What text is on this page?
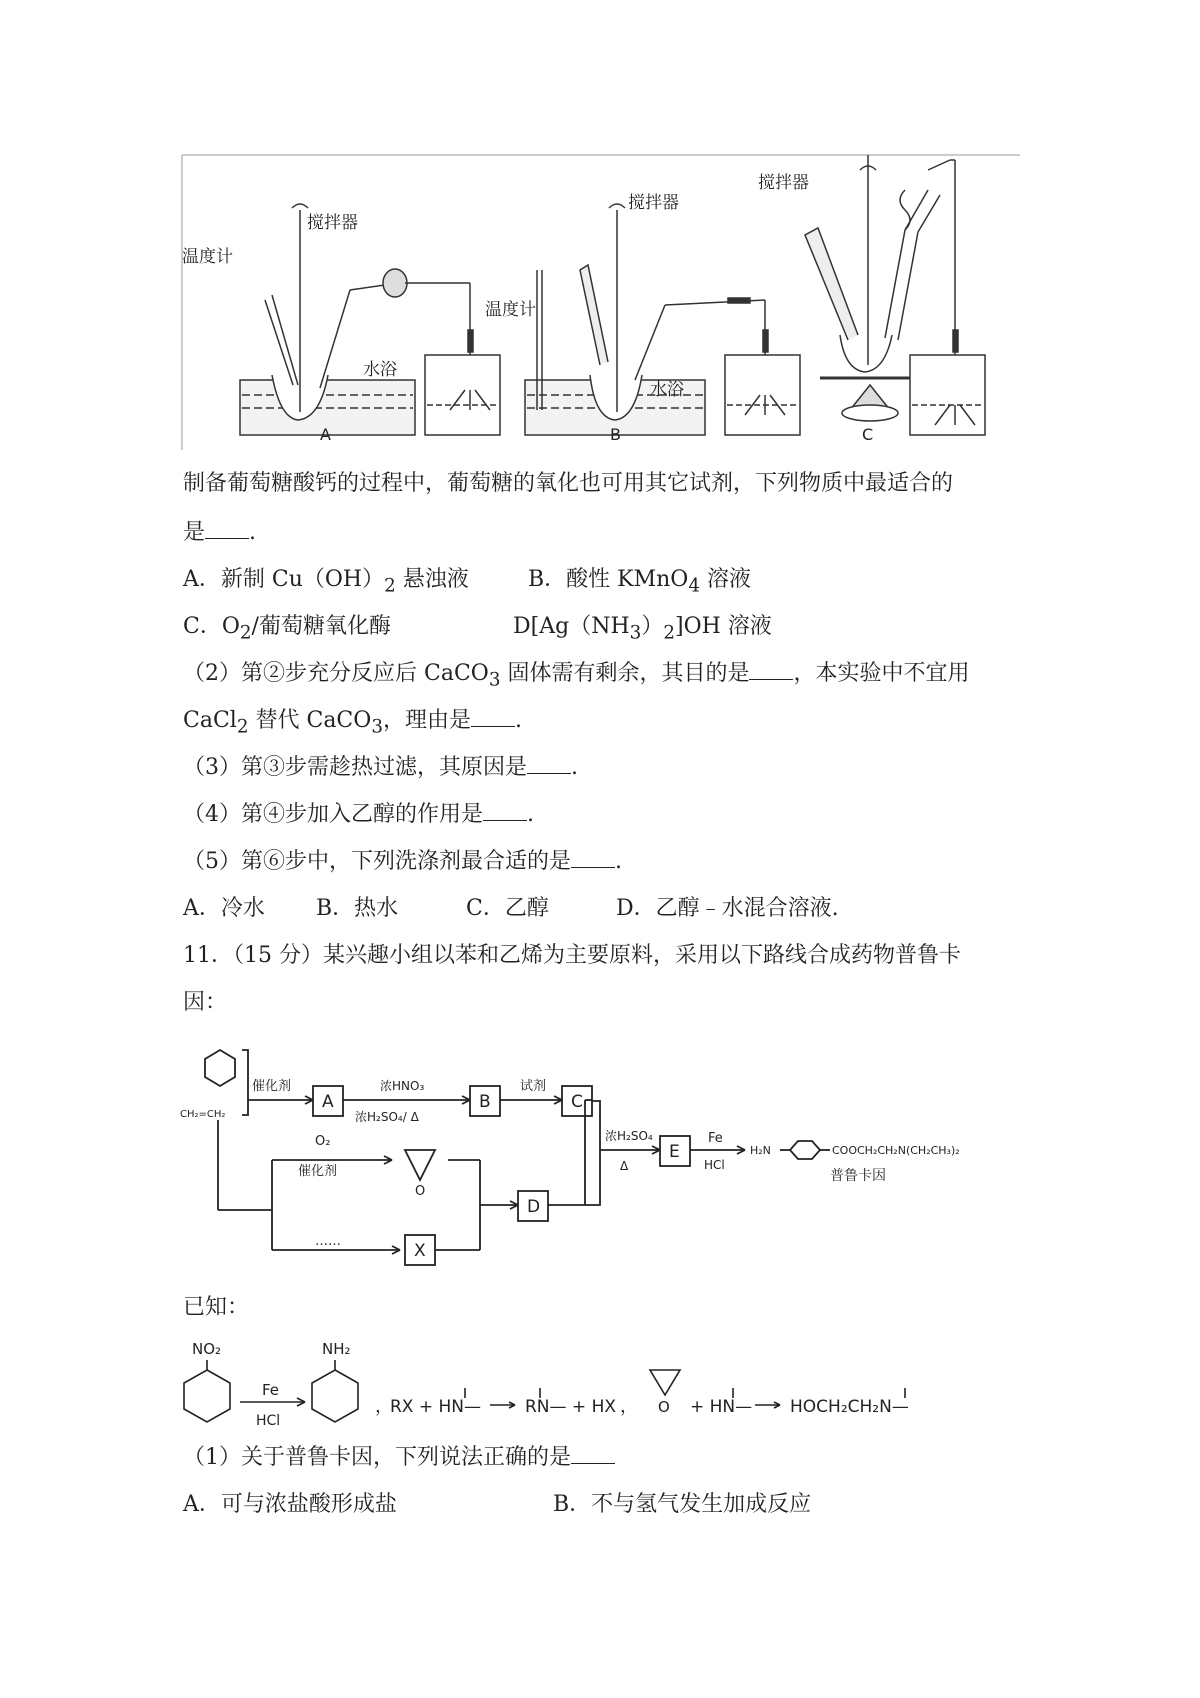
搅拌器
温度计
水浴
A
搅拌器
温度计
水浴
B
搅拌器
C
制备葡萄糖酸钙的过程中，葡萄糖的氧化也可用其它试剂，下列物质中最适合的
是 .
A．新制 $Cu(OH)_2$ 悬浊液	B．酸性 KMnO$_4$ 溶液
C．$O_2/$葡萄糖氧化酶	$D[Ag(NH_3)_2]OH$ 溶液
（2）第②步充分反应后 CaCO$_3$ 固体需有剩余，其目的是 ，本实验中不宜用
CaCl$_2$ 替代 CaCO$_3$，理由是 .
（3）第③步需趁热过滤，其原因是 .
（4）第④步加入乙醇的作用是 .
（5）第⑥步中，下列洗涤剂最合适的是 .
A．冷水 B．热水	C．乙醇	D．乙醇﹣水混合溶液.
11．（15 分）某兴趣小组以苯和乙烯为主要原料，采用以下路线合成药物普鲁卡
因：
CH₂=CH₂
催化剂
A
浓HNO₃
浓H₂SO₄/ Δ
B
试剂
C
O₂
催化剂
O
……	X
D
浓H₂SO₄
Δ
E
Fe
HCl
H₂N	COOCH₂CH₂N(CH₂CH₃)₂
普鲁卡因
已知：
NO₂	NH₂
Fe
HCl
，
RX + HN—	RN— + HX ， O + HN— HOCH₂CH₂N—
（1）关于普鲁卡因，下列说法正确的是
A．可与浓盐酸形成盐	B．不与氢气发生加成反应
